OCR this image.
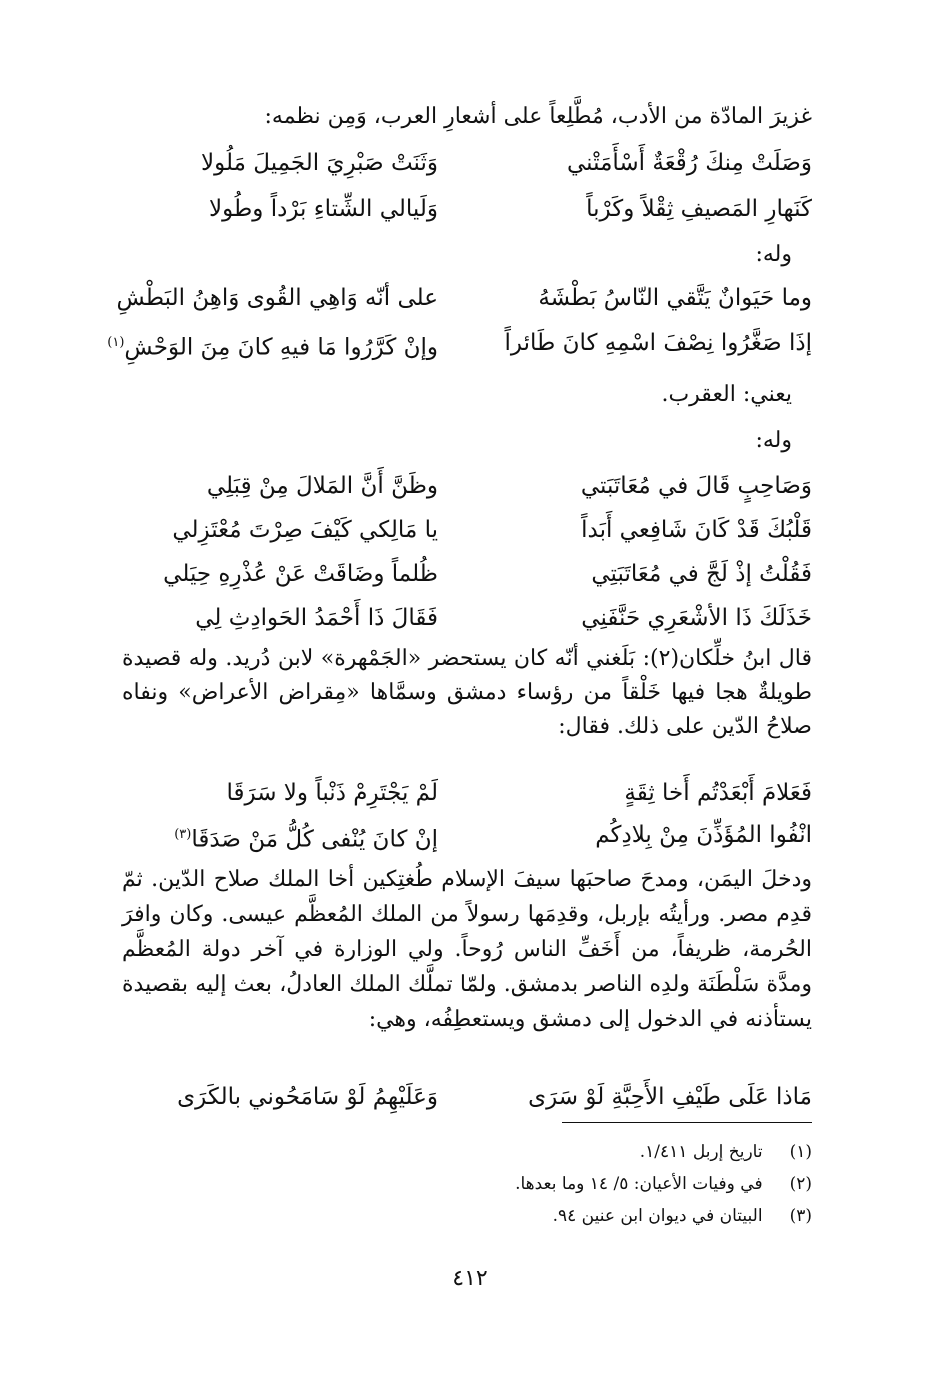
غزيرَ المادّة من الأدب، مُطَّلِعاً على أشعارِ العرب، وَمِن نظمه:

وَصَلَتْ مِنكَ رُقْعَةٌ أَسْأَمَتْني
وَثَنَتْ صَبْرِيَ الجَمِيلَ مَلُولا
كَنَهارِ المَصيفِ ثِقْلاً وكَرْباً
وَلَيالي الشِّتاءِ بَرْداً وطُولا
وله:
وما حَيَوانٌ يَتَّقي النّاسُ بَطْشَهُ
على أنّه وَاهِي القُوى وَاهِنُ البَطْشِ
إذَا صَغَّرُوا نِصْفَ اسْمِهِ كانَ طَائراً
وإنْ كَرَّرُوا مَا فيهِ كانَ مِنَ الوَحْشِ$^{(١)}$
يعني: العقرب.
وله:
وَصَاحِبٍ قَالَ في مُعَاتَبَتي
وظَنَّ أَنَّ المَلالَ مِنْ قِبَلِي
قَلْبُكَ قَدْ كَانَ شَافِعي أَبَداً
يا مَالِكي كَيْفَ صِرْتَ مُعْتَزِلي
فَقُلْتُ إذْ لَجَّ في مُعَاتَبَتِي
ظُلماً وضَاقَتْ عَنْ عُذْرِهِ حِيَلي
خَذَلَكَ ذَا الأشْعَرِي حَنَّفَنِي
فَقَالَ ذَا أَحْمَدُ الحَوادِثِ لِي

قال ابنُ خلِّكان(٢): بَلَغني أنّه كان يستحضر «الجَمْهرة» لابن دُريد. وله قصيدة طويلةٌ هجا فيها خَلْقاً من رؤساء دمشق وسمَّاها «مِقراض الأعراض» ونفاه صلاحُ الدّين على ذلك. فقال:

فَعَلامَ أَبْعَدْتُم أَخا ثِقَةٍ
لَمْ يَجْتَرِمْ ذَنْباً ولا سَرَقَا
انْفُوا المُؤَذِّنَ مِنْ بِلادِكُم
إنْ كانَ يُنْفى كُلُّ مَنْ صَدَقَا$^{(٣)}$

ودخلَ اليمَن، ومدحَ صاحبَها سيفَ الإسلام طُغتِكين أخا الملك صلاح الدّين. ثمّ قدِم مصر. ورأيتُه بإربل، وقدِمَها رسولاً من الملك المُعظَّم عيسى. وكان وافرَ الحُرمة، ظريفاً، من أَخَفِّ الناس رُوحاً. ولي الوزارة في آخر دولة المُعظَّم ومدَّة سَلْطَنَة ولدِه الناصر بدمشق. ولمّا تملَّك الملك العادلُ، بعث إليه بقصيدة يستأذنه في الدخول إلى دمشق ويستعطِفُه، وهي:

مَاذا عَلَى طَيْفِ الأَحِبَّةِ لَوْ سَرَى
وَعَلَيْهِمُ لَوْ سَامَحُوني بالكَرَى
(١) تاريخ إربل ١/٤١١.
(٢) في وفيات الأعيان: ٥/ ١٤ وما بعدها.
(٣) البيتان في ديوان ابن عنين ٩٤.
٤١٢
